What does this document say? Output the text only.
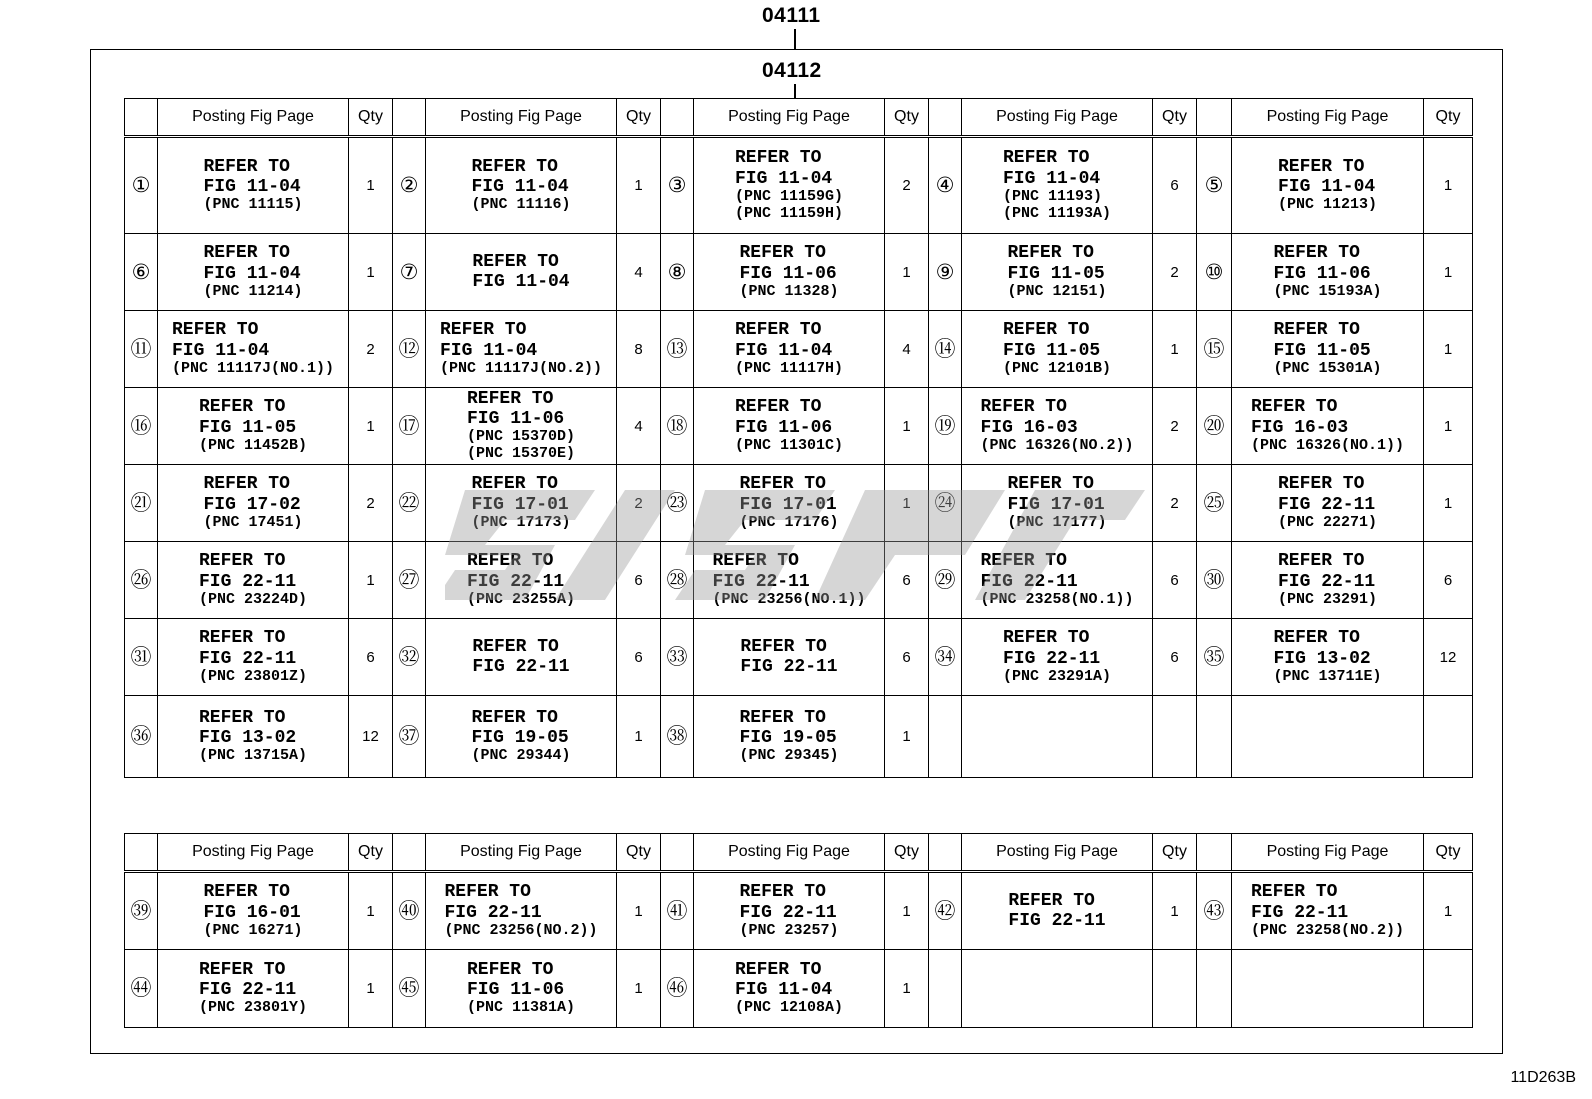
04111
04112
	Posting Fig Page	Qty		Posting Fig Page	Qty		Posting Fig Page	Qty		Posting Fig Page	Qty		Posting Fig Page	Qty
①	REFER TO
FIG 11-04
(PNC 11115)	1	②	REFER TO
FIG 11-04
(PNC 11116)	1	③	REFER TO
FIG 11-04
(PNC 11159G)
(PNC 11159H)	2	④	REFER TO
FIG 11-04
(PNC 11193)
(PNC 11193A)	6	⑤	REFER TO
FIG 11-04
(PNC 11213)	1
⑥	REFER TO
FIG 11-04
(PNC 11214)	1	⑦	REFER TO
FIG 11-04	4	⑧	REFER TO
FIG 11-06
(PNC 11328)	1	⑨	REFER TO
FIG 11-05
(PNC 12151)	2	⑩	REFER TO
FIG 11-06
(PNC 15193A)	1
⑪	REFER TO
FIG 11-04
(PNC 11117J(NO.1))	2	⑫	REFER TO
FIG 11-04
(PNC 11117J(NO.2))	8	⑬	REFER TO
FIG 11-04
(PNC 11117H)	4	⑭	REFER TO
FIG 11-05
(PNC 12101B)	1	⑮	REFER TO
FIG 11-05
(PNC 15301A)	1
⑯	REFER TO
FIG 11-05
(PNC 11452B)	1	⑰	REFER TO
FIG 11-06
(PNC 15370D)
(PNC 15370E)	4	⑱	REFER TO
FIG 11-06
(PNC 11301C)	1	⑲	REFER TO
FIG 16-03
(PNC 16326(NO.2))	2	⑳	REFER TO
FIG 16-03
(PNC 16326(NO.1))	1
㉑	REFER TO
FIG 17-02
(PNC 17451)	2	㉒	REFER TO
FIG 17-01
(PNC 17173)	2	㉓	REFER TO
FIG 17-01
(PNC 17176)	1	㉔	REFER TO
FIG 17-01
(PNC 17177)	2	㉕	REFER TO
FIG 22-11
(PNC 22271)	1
㉖	REFER TO
FIG 22-11
(PNC 23224D)	1	㉗	REFER TO
FIG 22-11
(PNC 23255A)	6	㉘	REFER TO
FIG 22-11
(PNC 23256(NO.1))	6	㉙	REFER TO
FIG 22-11
(PNC 23258(NO.1))	6	㉚	REFER TO
FIG 22-11
(PNC 23291)	6
㉛	REFER TO
FIG 22-11
(PNC 23801Z)	6	㉜	REFER TO
FIG 22-11	6	㉝	REFER TO
FIG 22-11	6	㉞	REFER TO
FIG 22-11
(PNC 23291A)	6	㉟	REFER TO
FIG 13-02
(PNC 13711E)	12
㊱	REFER TO
FIG 13-02
(PNC 13715A)	12	㊲	REFER TO
FIG 19-05
(PNC 29344)	1	㊳	REFER TO
FIG 19-05
(PNC 29345)	1		

	Posting Fig Page	Qty		Posting Fig Page	Qty		Posting Fig Page	Qty		Posting Fig Page	Qty		Posting Fig Page	Qty
㊴	REFER TO
FIG 16-01
(PNC 16271)	1	㊵	REFER TO
FIG 22-11
(PNC 23256(NO.2))	1	㊶	REFER TO
FIG 22-11
(PNC 23257)	1	㊷	REFER TO
FIG 22-11	1	㊸	REFER TO
FIG 22-11
(PNC 23258(NO.2))	1
㊹	REFER TO
FIG 22-11
(PNC 23801Y)	1	㊺	REFER TO
FIG 11-06
(PNC 11381A)	1	㊻	REFER TO
FIG 11-04
(PNC 12108A)	1		

11D263B
